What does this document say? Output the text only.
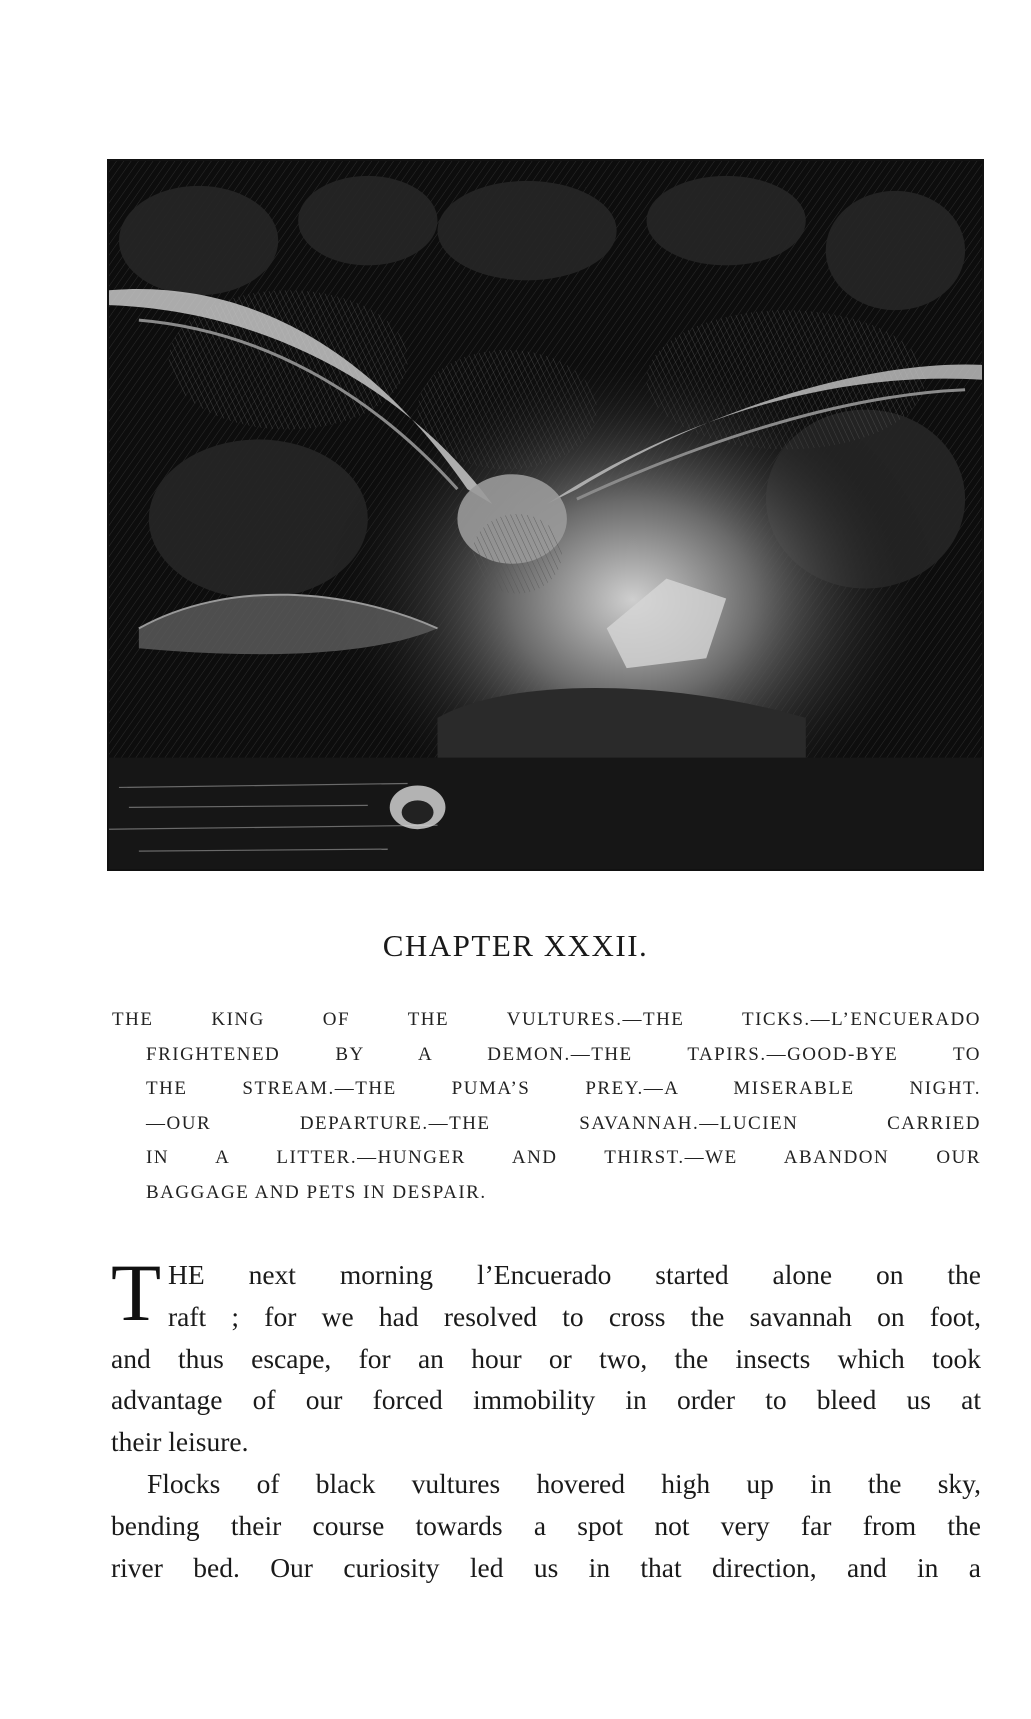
CHAPTER XXXII.
THE KING OF THE VULTURES.—THE TICKS.—L’ENCUERADO
FRIGHTENED BY A DEMON.—THE TAPIRS.—GOOD-BYE TO
THE STREAM.—THE PUMA’S PREY.—A MISERABLE NIGHT.
—OUR DEPARTURE.—THE SAVANNAH.—LUCIEN CARRIED
IN A LITTER.—HUNGER AND THIRST.—WE ABANDON OUR
BAGGAGE AND PETS IN DESPAIR.
T HE next morning l’Encuerado started alone on the
raft ; for we had resolved to cross the savannah on foot,
and thus escape, for an hour or two, the insects which took
advantage of our forced immobility in order to bleed us at
their leisure.
Flocks of black vultures hovered high up in the sky,
bending their course towards a spot not very far from the
river bed. Our curiosity led us in that direction, and in a
